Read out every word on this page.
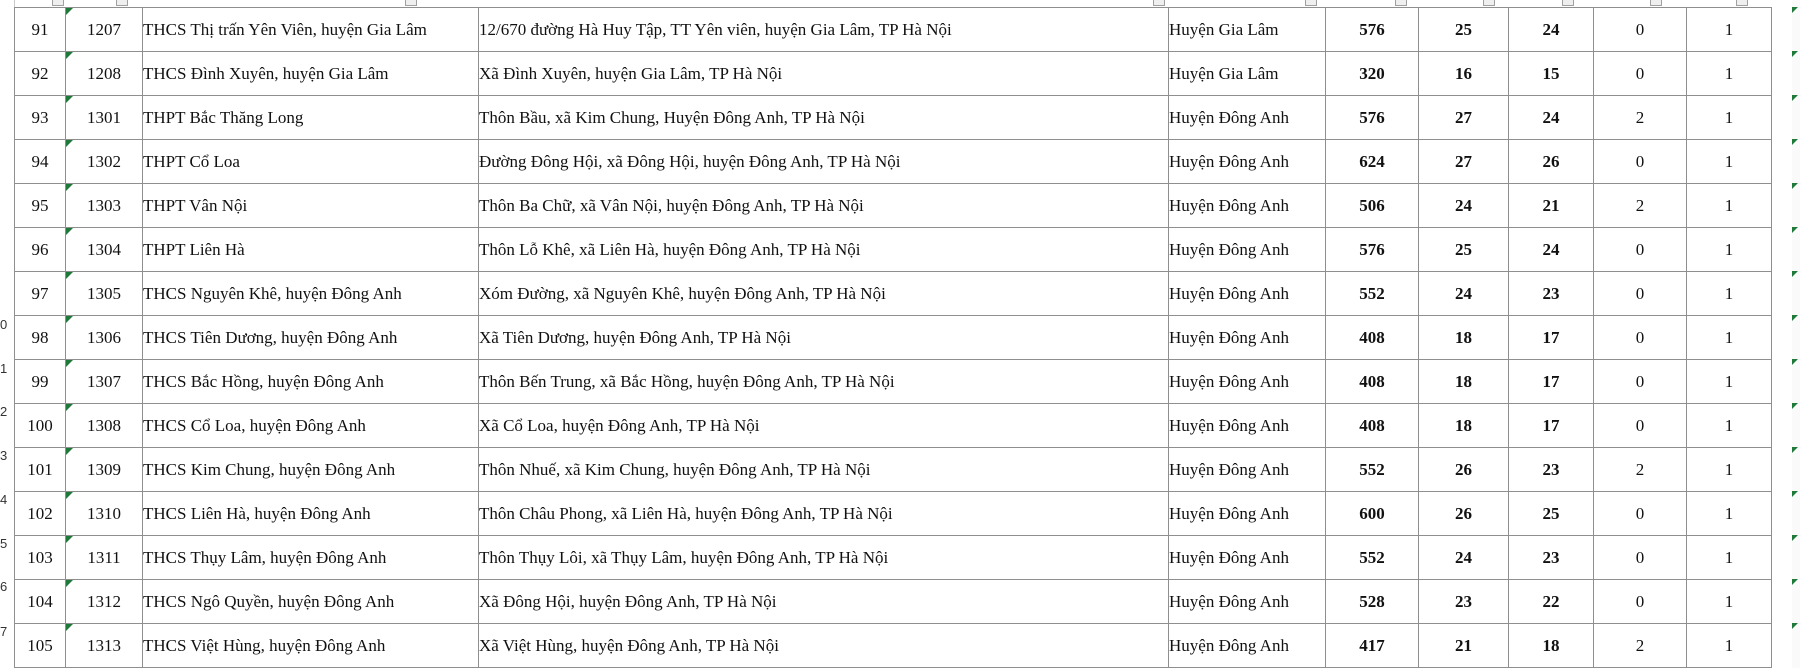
0
1
2
3
4
5
6
7
91	1207	THCS Thị trấn Yên Viên, huyện Gia Lâm	12/670 đường Hà Huy Tập, TT Yên viên, huyện Gia Lâm, TP Hà Nội	Huyện Gia Lâm	576	25	24	0	1
92	1208	THCS Đình Xuyên, huyện Gia Lâm	Xã Đình Xuyên, huyện Gia Lâm, TP Hà Nội	Huyện Gia Lâm	320	16	15	0	1
93	1301	THPT Bắc Thăng Long	Thôn Bầu, xã Kim Chung, Huyện Đông Anh, TP Hà Nội	Huyện Đông Anh	576	27	24	2	1
94	1302	THPT Cổ Loa	Đường Đông Hội, xã Đông Hội, huyện Đông Anh, TP Hà Nội	Huyện Đông Anh	624	27	26	0	1
95	1303	THPT Vân Nội	Thôn Ba Chữ, xã Vân Nội, huyện Đông Anh, TP Hà Nội	Huyện Đông Anh	506	24	21	2	1
96	1304	THPT Liên Hà	Thôn Lỗ Khê, xã Liên Hà, huyện Đông Anh, TP Hà Nội	Huyện Đông Anh	576	25	24	0	1
97	1305	THCS Nguyên Khê, huyện Đông Anh	Xóm Đường, xã Nguyên Khê, huyện Đông Anh, TP Hà Nội	Huyện Đông Anh	552	24	23	0	1
98	1306	THCS Tiên Dương, huyện Đông Anh	Xã Tiên Dương, huyện Đông Anh, TP Hà Nội	Huyện Đông Anh	408	18	17	0	1
99	1307	THCS Bắc Hồng, huyện Đông Anh	Thôn Bến Trung, xã Bắc Hồng, huyện Đông Anh, TP Hà Nội	Huyện Đông Anh	408	18	17	0	1
100	1308	THCS Cổ Loa, huyện Đông Anh	Xã Cổ Loa, huyện Đông Anh, TP Hà Nội	Huyện Đông Anh	408	18	17	0	1
101	1309	THCS Kim Chung, huyện Đông Anh	Thôn Nhuế, xã Kim Chung, huyện Đông Anh, TP Hà Nội	Huyện Đông Anh	552	26	23	2	1
102	1310	THCS Liên Hà, huyện Đông Anh	Thôn Châu Phong, xã Liên Hà, huyện Đông Anh, TP Hà Nội	Huyện Đông Anh	600	26	25	0	1
103	1311	THCS Thụy Lâm, huyện Đông Anh	Thôn Thụy Lôi, xã Thụy Lâm, huyện Đông Anh, TP Hà Nội	Huyện Đông Anh	552	24	23	0	1
104	1312	THCS Ngô Quyền, huyện Đông Anh	Xã Đông Hội, huyện Đông Anh, TP Hà Nội	Huyện Đông Anh	528	23	22	0	1
105	1313	THCS Việt Hùng, huyện Đông Anh	Xã Việt Hùng, huyện Đông Anh, TP Hà Nội	Huyện Đông Anh	417	21	18	2	1
